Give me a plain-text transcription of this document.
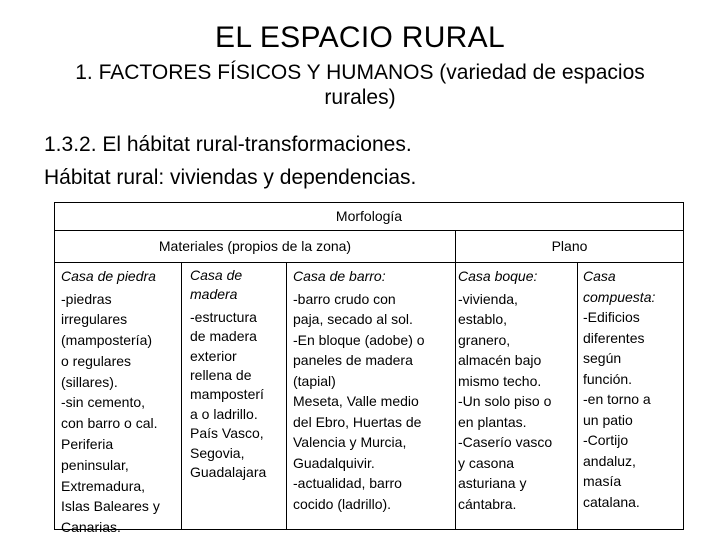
EL ESPACIO RURAL
1. FACTORES FÍSICOS Y HUMANOS (variedad de espacios rurales)
1.3.2. El hábitat rural-transformaciones.
Hábitat rural: viviendas y dependencias.
Morfología
Materiales (propios de la zona)	Plano

Casa de piedra

-piedras
irregulares
(mampostería)
o regulares
(sillares).
-sin cemento,
con barro o cal.
Periferia
peninsular,
Extremadura,
Islas Baleares y
Canarias.

Casa de
madera

-estructura
de madera
exterior
rellena de
mamposterí
a o ladrillo.
País Vasco,
Segovia,
Guadalajara

Casa de barro:

-barro crudo con
paja, secado al sol.
-En bloque (adobe) o
paneles de madera
(tapial)
Meseta, Valle medio
del Ebro, Huertas de
Valencia y Murcia,
Guadalquivir.
-actualidad, barro
cocido (ladrillo).

Casa boque:

-vivienda,
establo,
granero,
almacén bajo
mismo techo.
-Un solo piso o
en plantas.
-Caserío vasco
y casona
asturiana y
cántabra.

Casa
compuesta:

-Edificios
diferentes
según
función.
-en torno a
un patio
-Cortijo
andaluz,
masía
catalana.
